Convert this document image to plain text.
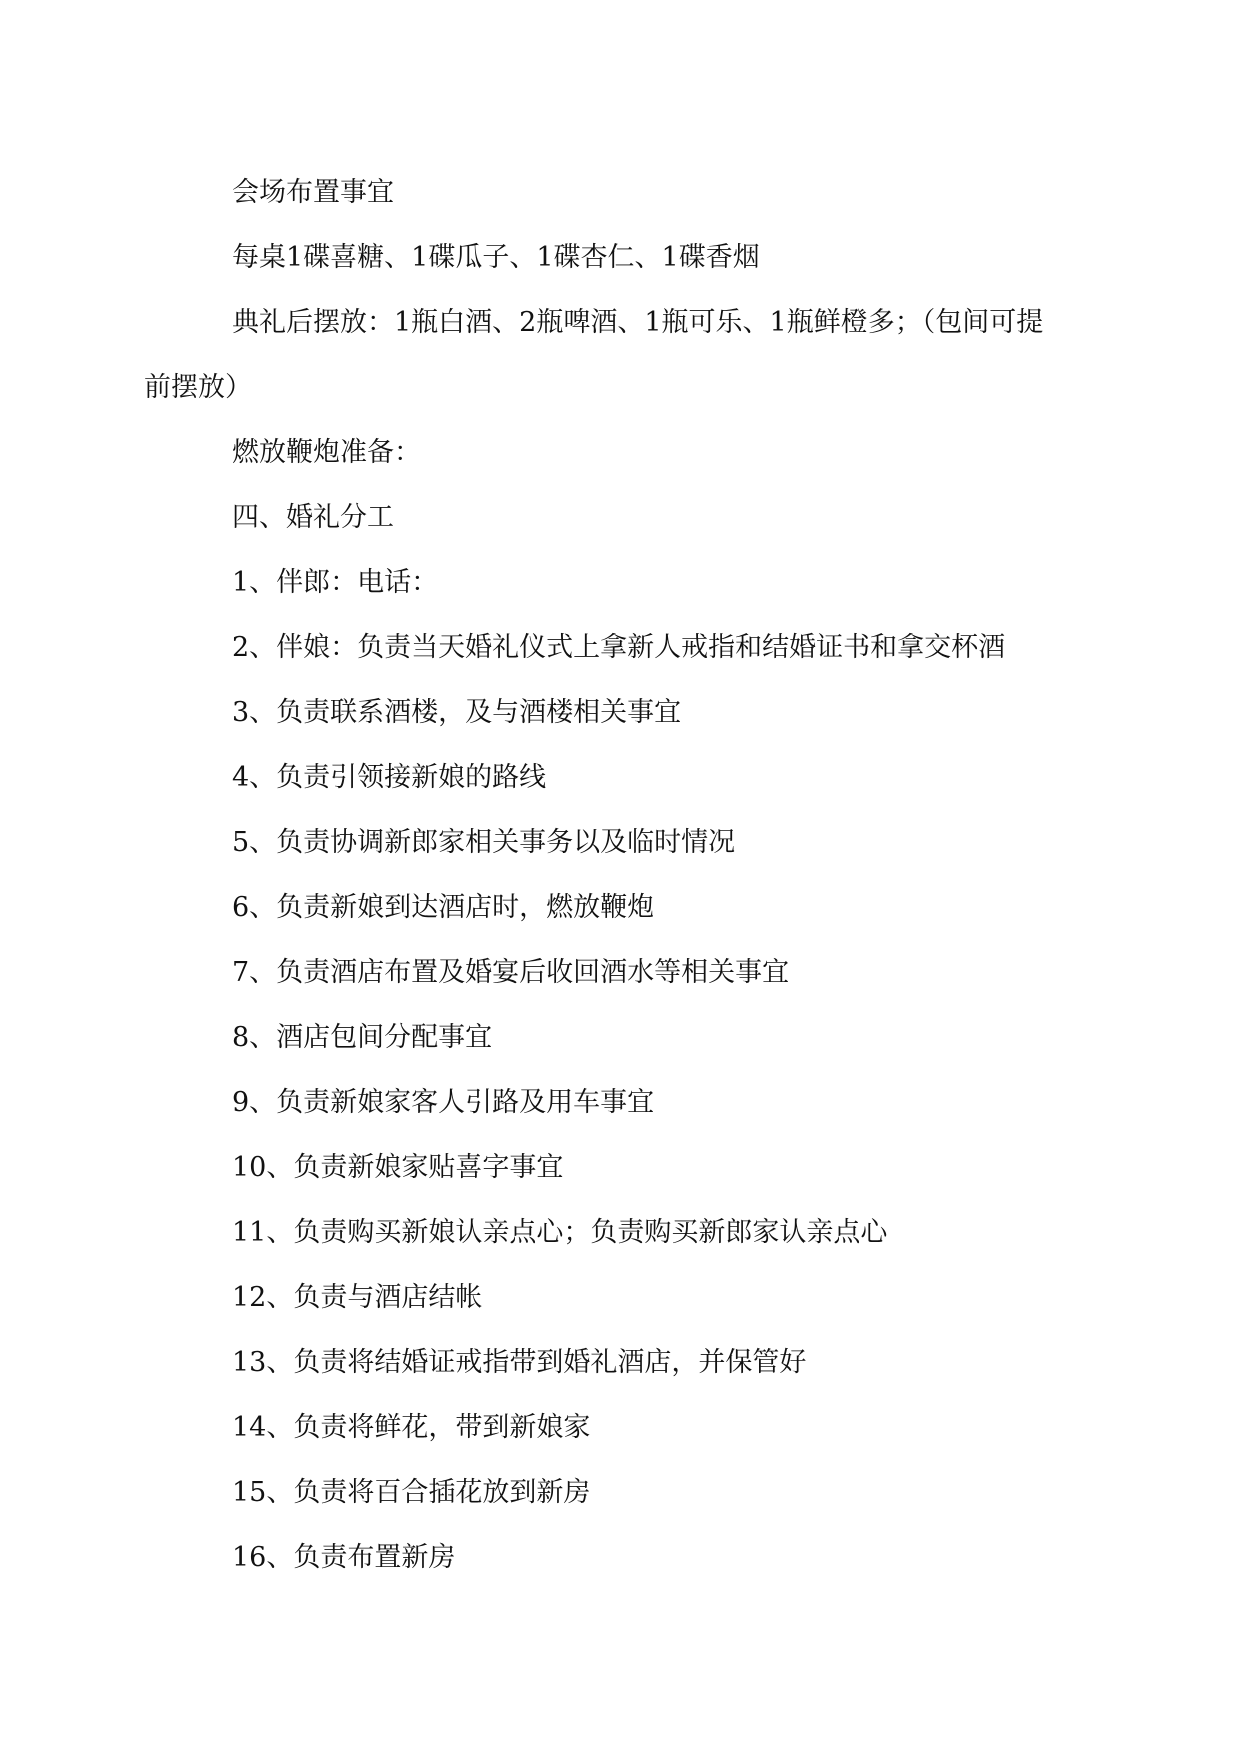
会场布置事宜

每桌1碟喜糖、1碟瓜子、1碟杏仁、1碟香烟

典礼后摆放：1瓶白酒、2瓶啤酒、1瓶可乐、1瓶鲜橙多；（包间可提前摆放）

燃放鞭炮准备：

四、婚礼分工

1、伴郎：电话：
2、伴娘：负责当天婚礼仪式上拿新人戒指和结婚证书和拿交杯酒
3、负责联系酒楼，及与酒楼相关事宜
4、负责引领接新娘的路线
5、负责协调新郎家相关事务以及临时情况
6、负责新娘到达酒店时，燃放鞭炮
7、负责酒店布置及婚宴后收回酒水等相关事宜
8、酒店包间分配事宜
9、负责新娘家客人引路及用车事宜
10、负责新娘家贴喜字事宜
11、负责购买新娘认亲点心；负责购买新郎家认亲点心
12、负责与酒店结帐
13、负责将结婚证戒指带到婚礼酒店，并保管好
14、负责将鲜花，带到新娘家
15、负责将百合插花放到新房
16、负责布置新房
